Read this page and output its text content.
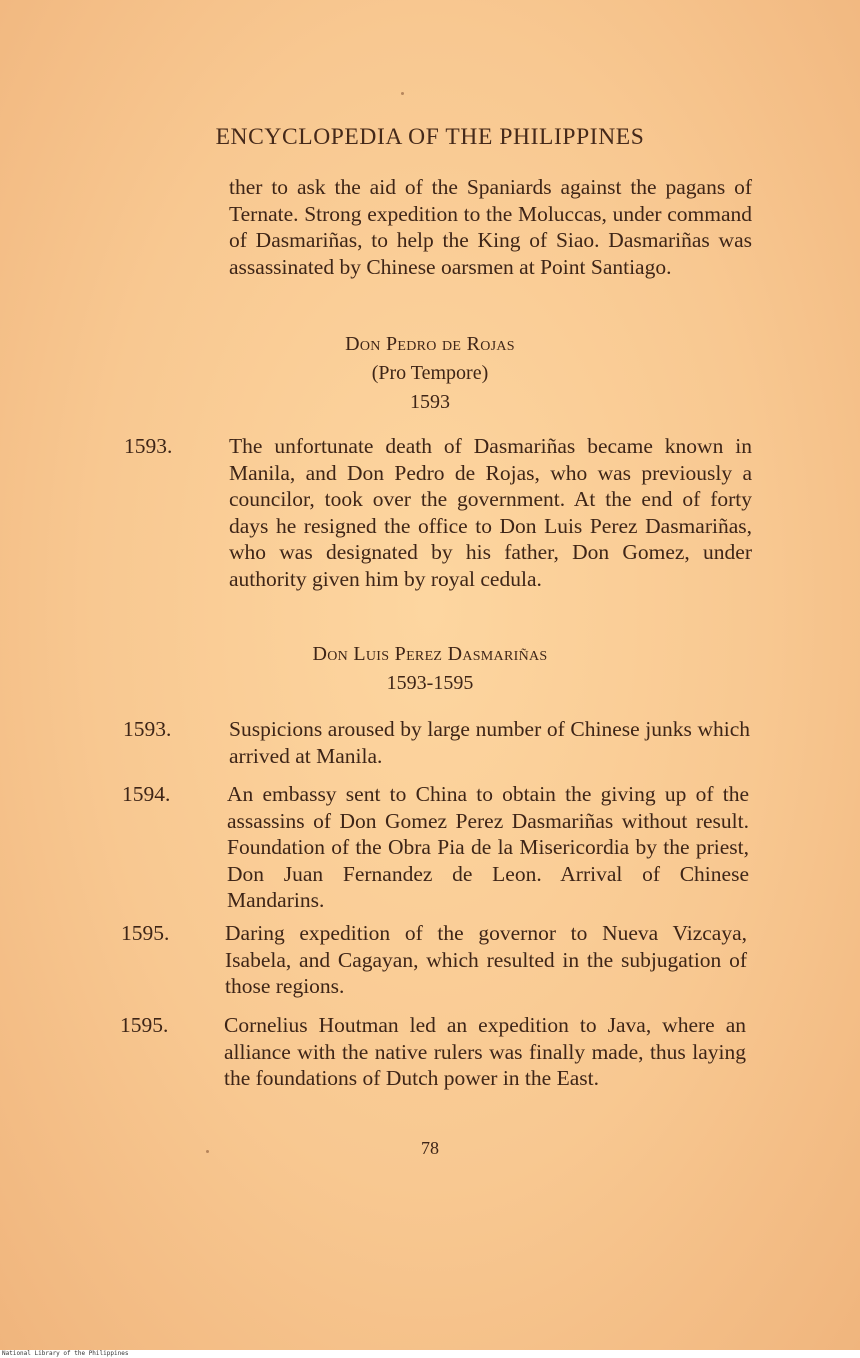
ENCYCLOPEDIA OF THE PHILIPPINES
ther to ask the aid of the Spaniards against the pagans of Ternate. Strong expedition to the Moluccas, under command of Dasmariñas, to help the King of Siao. Dasmariñas was assassinated by Chinese oarsmen at Point Santiago.
Don Pedro de Rojas
(Pro Tempore)
1593
1593.	The unfortunate death of Dasmariñas became known in Manila, and Don Pedro de Rojas, who was previously a councilor, took over the government. At the end of forty days he resigned the office to Don Luis Perez Dasmariñas, who was designated by his father, Don Gomez, under authority given him by royal cedula.
Don Luis Perez Dasmariñas
1593-1595
1593.	Suspicions aroused by large number of Chinese junks which arrived at Manila.
1594.	An embassy sent to China to obtain the giving up of the assassins of Don Gomez Perez Dasmariñas without result. Foundation of the Obra Pia de la Misericordia by the priest, Don Juan Fernandez de Leon. Arrival of Chinese Mandarins.
1595.	Daring expedition of the governor to Nueva Vizcaya, Isabela, and Cagayan, which resulted in the subjugation of those regions.
1595.	Cornelius Houtman led an expedition to Java, where an alliance with the native rulers was finally made, thus laying the foundations of Dutch power in the East.
78
National Library of the Philippines
